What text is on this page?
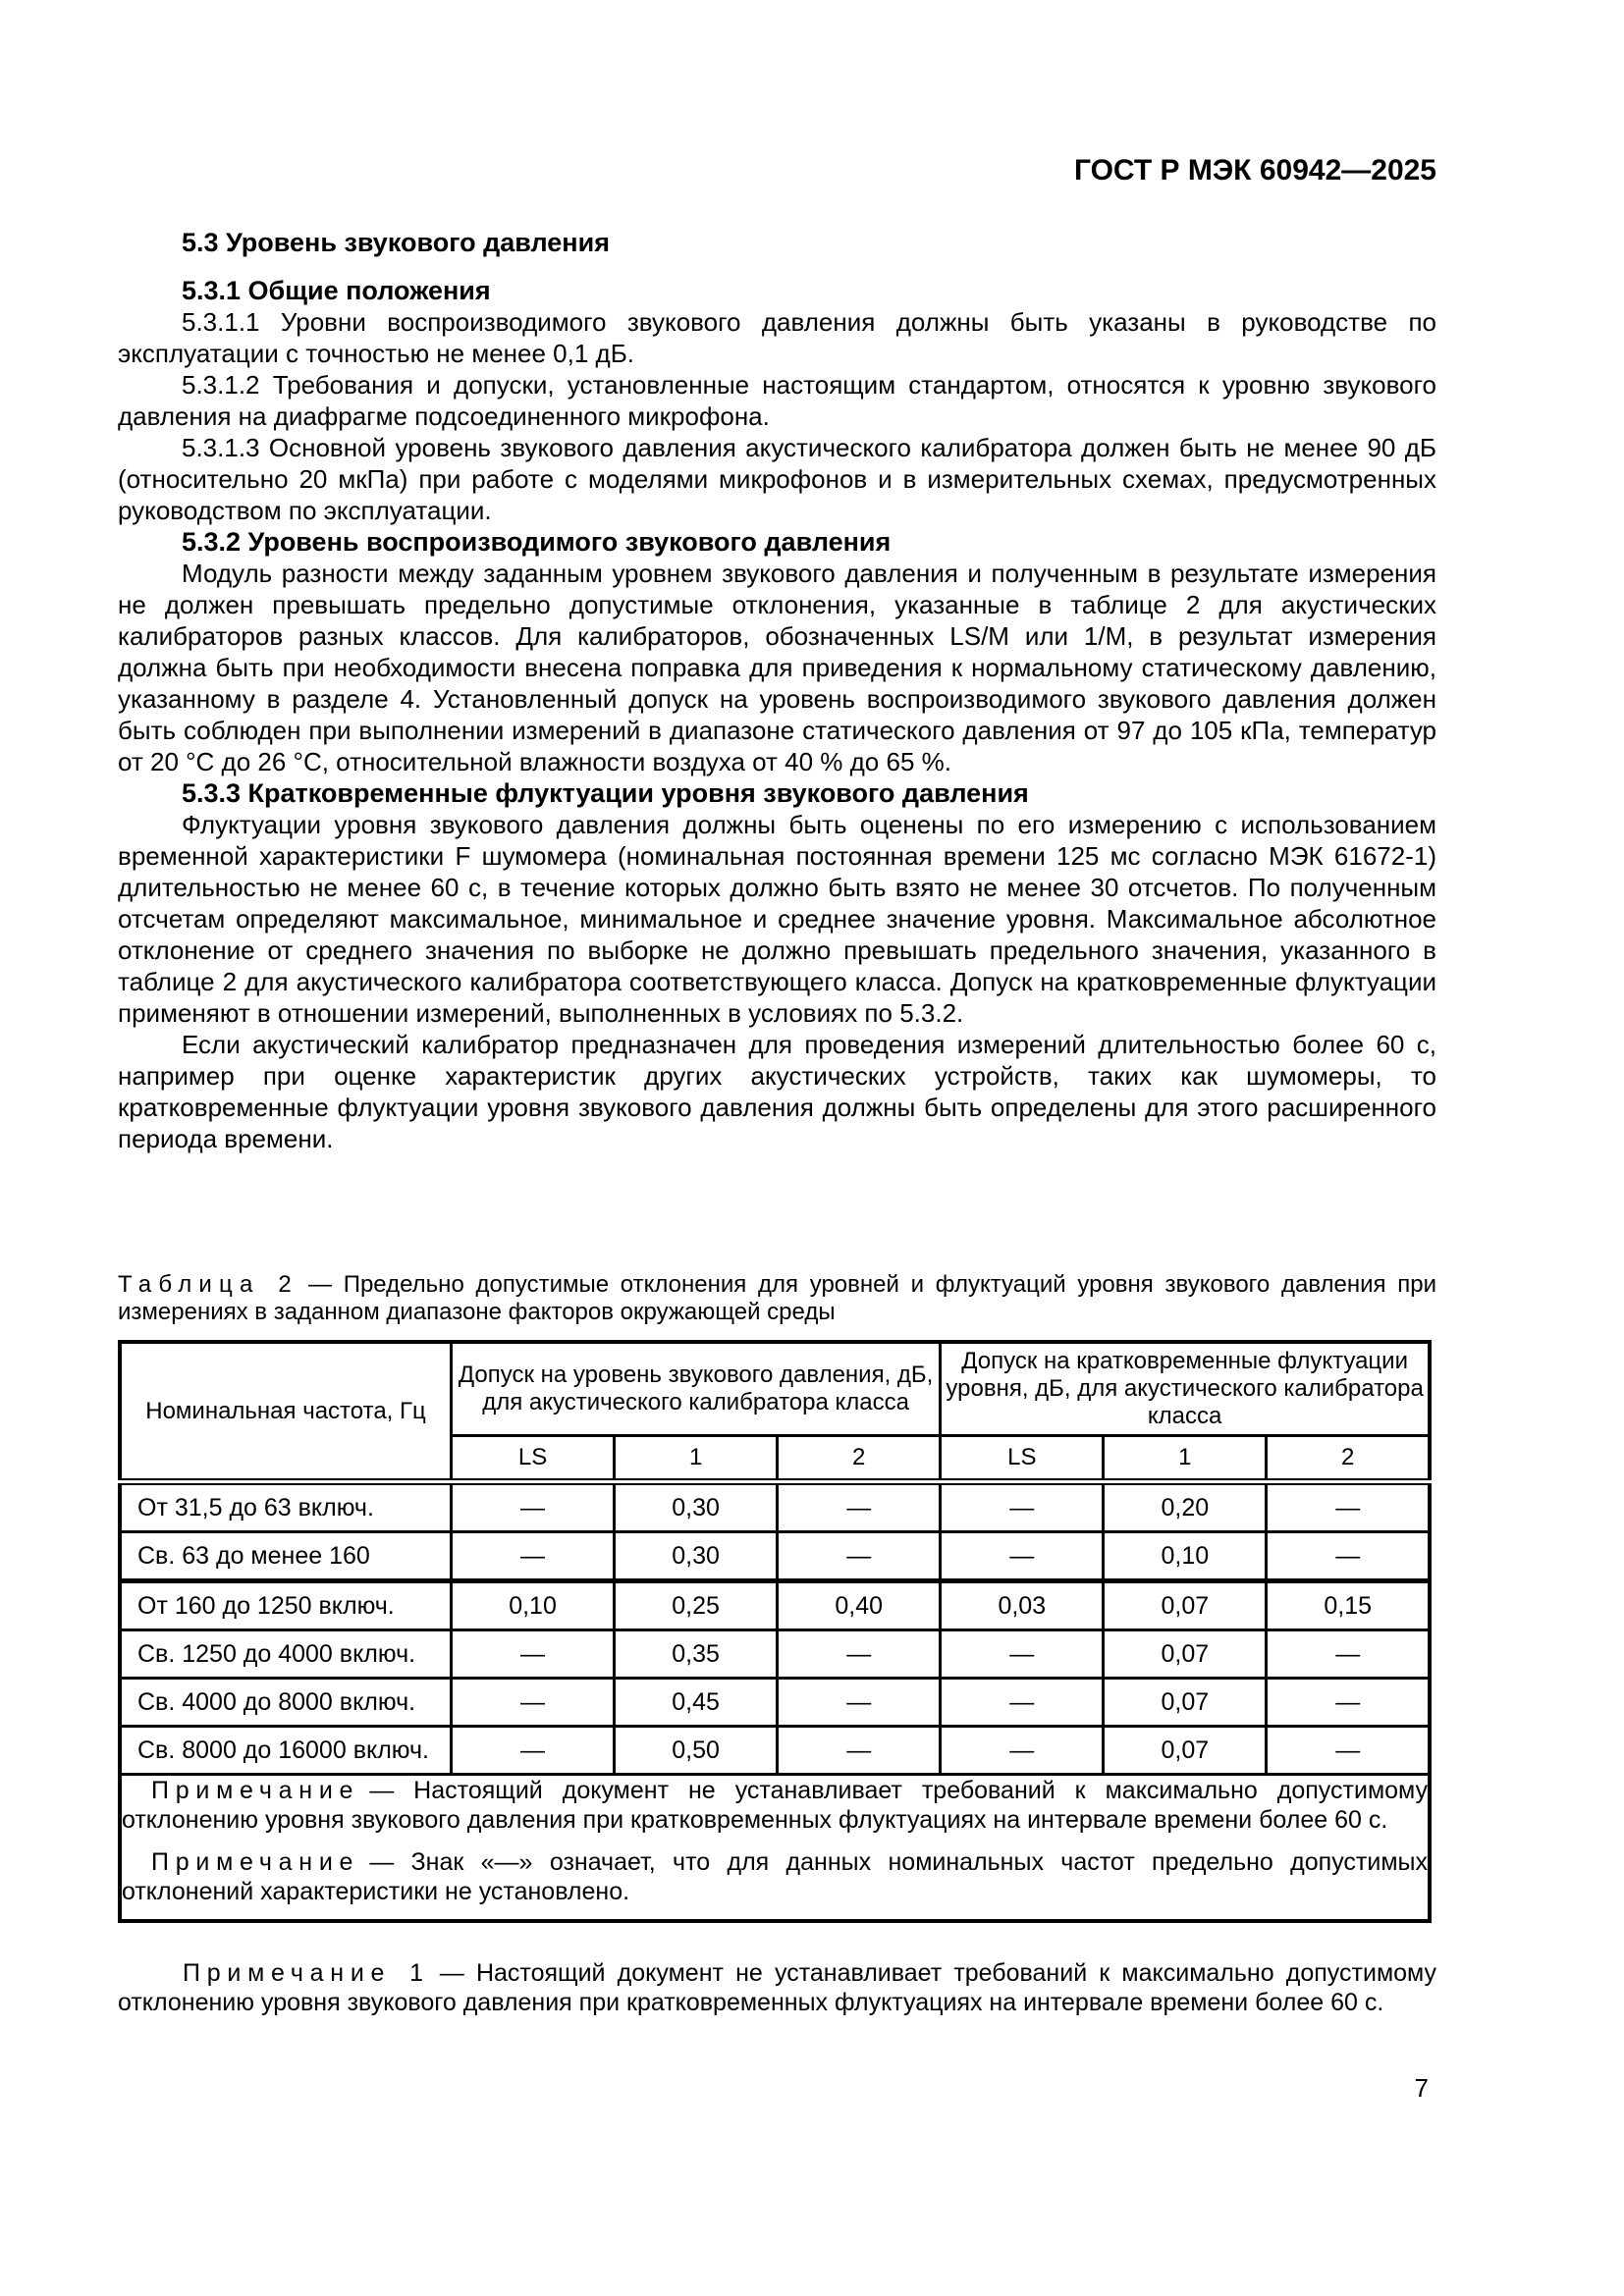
ГОСТ Р МЭК 60942—2025
5.3 Уровень звукового давления
5.3.1 Общие положения

5.3.1.1 Уровни воспроизводимого звукового давления должны быть указаны в руководстве по эксплуатации с точностью не менее 0,1 дБ.

5.3.1.2 Требования и допуски, установленные настоящим стандартом, относятся к уровню звукового давления на диафрагме подсоединенного микрофона.

5.3.1.3 Основной уровень звукового давления акустического калибратора должен быть не менее 90 дБ (относительно 20 мкПа) при работе с моделями микрофонов и в измерительных схемах, предусмотренных руководством по эксплуатации.

5.3.2 Уровень воспроизводимого звукового давления

Модуль разности между заданным уровнем звукового давления и полученным в результате измерения не должен превышать предельно допустимые отклонения, указанные в таблице 2 для акустических калибраторов разных классов. Для калибраторов, обозначенных LS/M или 1/М, в результат измерения должна быть при необходимости внесена поправка для приведения к нормальному статическому давлению, указанному в разделе 4. Установленный допуск на уровень воспроизводимого звукового давления должен быть соблюден при выполнении измерений в диапазоне статического давления от 97 до 105 кПа, температур от 20 °С до 26 °С, относительной влажности воздуха от 40 % до 65 %.

5.3.3 Кратковременные флуктуации уровня звукового давления

Флуктуации уровня звукового давления должны быть оценены по его измерению с использованием временной характеристики F шумомера (номинальная постоянная времени 125 мс согласно МЭК 61672-1) длительностью не менее 60 с, в течение которых должно быть взято не менее 30 отсчетов. По полученным отсчетам определяют максимальное, минимальное и среднее значение уровня. Максимальное абсолютное отклонение от среднего значения по выборке не должно превышать предельного значения, указанного в таблице 2 для акустического калибратора соответствующего класса. Допуск на кратковременные флуктуации применяют в отношении измерений, выполненных в условиях по 5.3.2.

Если акустический калибратор предназначен для проведения измерений длительностью более 60 с, например при оценке характеристик других акустических устройств, таких как шумомеры, то кратковременные флуктуации уровня звукового давления должны быть определены для этого расширенного периода времени.

Таблица 2 — Предельно допустимые отклонения для уровней и флуктуаций уровня звукового давления при измерениях в заданном диапазоне факторов окружающей среды
Номинальная частота, Гц	Допуск на уровень звукового давления, дБ, для акустического калибратора класса			Допуск на кратковременные флуктуации уровня, дБ, для акустического калибратора класса		
	LS	1	2	LS	1	2
От 31,5 до 63 включ.	—	0,30	—	—	0,20	—
Св. 63 до менее 160	—	0,30	—	—	0,10	—
От 160 до 1250 включ.	0,10	0,25	0,40	0,03	0,07	0,15
Св. 1250 до 4000 включ.	—	0,35	—	—	0,07	—
Св. 4000 до 8000 включ.	—	0,45	—	—	0,07	—
Св. 8000 до 16000 включ.	—	0,50	—	—	0,07	—

Примечание — Настоящий документ не устанавливает требований к максимально допустимому отклонению уровня звукового давления при кратковременных флуктуациях на интервале времени более 60 с.

Примечание — Знак «—» означает, что для данных номинальных частот предельно допустимых отклонений характеристики не установлено.						

Примечание 1 — Настоящий документ не устанавливает требований к максимально допустимому отклонению уровня звукового давления при кратковременных флуктуациях на интервале времени более 60 с.

7
